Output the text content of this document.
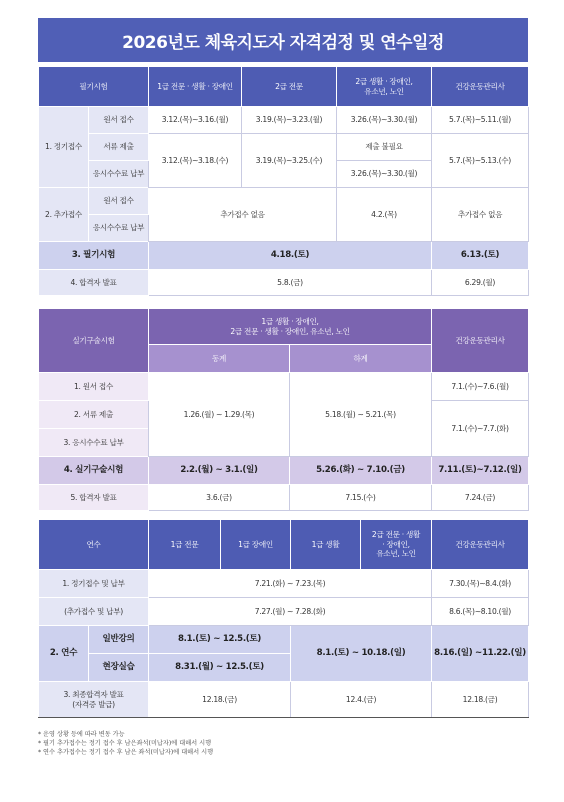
2026년도 체육지도자 자격검정 및 연수일정
필기시험		1급 전문 · 생활 · 장애인	2급 전문	2급 생활 · 장애인,
유소년, 노인	건강운동관리사
1. 정기접수	원서 접수	3.12.(목)~3.16.(월)	3.19.(목)~3.23.(월)	3.26.(목)~3.30.(월)	5.7.(목)~5.11.(월)
	서류 제출	3.12.(목)~3.18.(수)	3.19.(목)~3.25.(수)	제출 불필요	5.7.(목)~5.13.(수)
	응시수수료 납부			3.26.(목)~3.30.(월)	
2. 추가접수	원서 접수	추가접수 없음		4.2.(목)	추가접수 없음
	응시수수료 납부				
3. 필기시험		4.18.(토)			6.13.(토)
4. 합격자 발표		5.8.(금)			6.29.(월)
실기구술시험	1급 생활 · 장애인,
2급 전문 · 생활 · 장애인, 유소년, 노인		건강운동관리사
	동계	하계	
1. 원서 접수	1.26.(월) ~ 1.29.(목)	5.18.(월) ~ 5.21.(목)	7.1.(수)~7.6.(월)
2. 서류 제출			7.1.(수)~7.7.(화)
3. 응시수수료 납부			
4. 실기구술시험	2.2.(월) ~ 3.1.(일)	5.26.(화) ~ 7.10.(금)	7.11.(토)~7.12.(일)
5. 합격자 발표	3.6.(금)	7.15.(수)	7.24.(금)
연수		1급 전문	1급 장애인	1급 생활	2급 전문 · 생활
· 장애인,
유소년, 노인	건강운동관리사
1. 정기접수 및 납부		7.21.(화) ~ 7.23.(목)				7.30.(목)~8.4.(화)
(추가접수 및 납부)		7.27.(월) ~ 7.28.(화)				8.6.(목)~8.10.(월)
2. 연수	일반강의	8.1.(토) ~ 12.5.(토)		8.1.(토) ~ 10.18.(일)		8.16.(일) ~11.22.(일)
	현장실습	8.31.(월) ~ 12.5.(토)				
3. 최종합격자 발표
(자격증 발급)		12.18.(금)		12.4.(금)		12.18.(금)
* 운영 상황 등에 따라 변동 가능
* 필기 추가접수는 정기 접수 후 남은좌석(미납자)에 대해서 시행
* 연수 추가접수는 정기 접수 후 남은 좌석(미납자)에 대해서 시행
